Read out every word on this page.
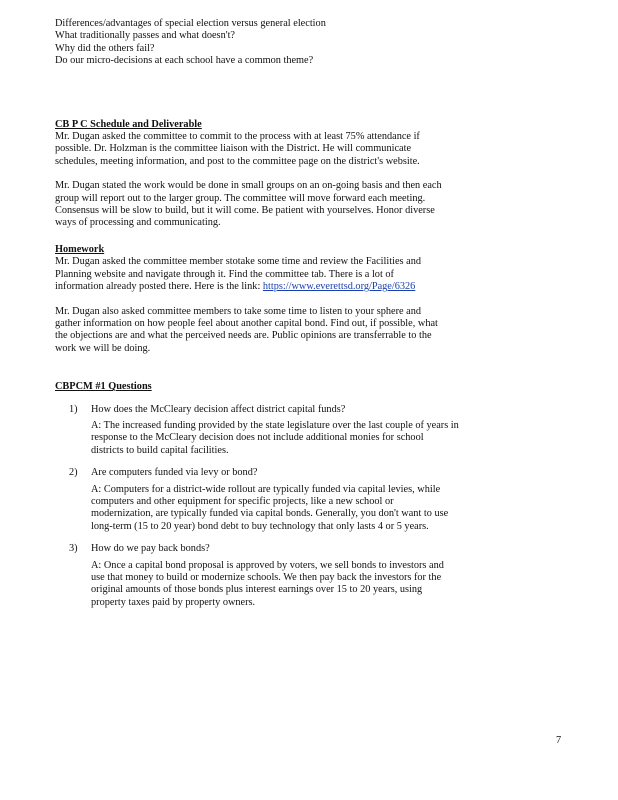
Differences/advantages of special election versus general election
What traditionally passes and what doesn't?
Why did the others fail?
Do our micro-decisions at each school have a common theme?
CB P C Schedule and Deliverable
Mr. Dugan asked the committee to commit to the process with at least 75% attendance if
possible. Dr. Holzman is the committee liaison with the District. He will communicate
schedules, meeting information, and post to the committee page on the district's website.
Mr. Dugan stated the work would be done in small groups on an on-going basis and then each
group will report out to the larger group. The committee will move forward each meeting.
Consensus will be slow to build, but it will come. Be patient with yourselves. Honor diverse
ways of processing and communicating.
Homework
Mr. Dugan asked the committee member stotake some time and review the Facilities and
Planning website and navigate through it. Find the committee tab. There is a lot of
information already posted there. Here is the link: https://www.everettsd.org/Page/6326
Mr. Dugan also asked committee members to take some time to listen to your sphere and
gather information on how people feel about another capital bond. Find out, if possible, what
the objections are and what the perceived needs are. Public opinions are transferrable to the
work we will be doing.
CBPCM #1 Questions
1)	How does the McCleary decision affect district capital funds?
A: The increased funding provided by the state legislature over the last couple of years in
response to the McCleary decision does not include additional monies for school
districts to build capital facilities.
2)	Are computers funded via levy or bond?
A: Computers for a district-wide rollout are typically funded via capital levies, while
computers and other equipment for specific projects, like a new school or
modernization, are typically funded via capital bonds. Generally, you don't want to use
long-term (15 to 20 year) bond debt to buy technology that only lasts 4 or 5 years.
3)	How do we pay back bonds?
A: Once a capital bond proposal is approved by voters, we sell bonds to investors and
use that money to build or modernize schools. We then pay back the investors for the
original amounts of those bonds plus interest earnings over 15 to 20 years, using
property taxes paid by property owners.
7
